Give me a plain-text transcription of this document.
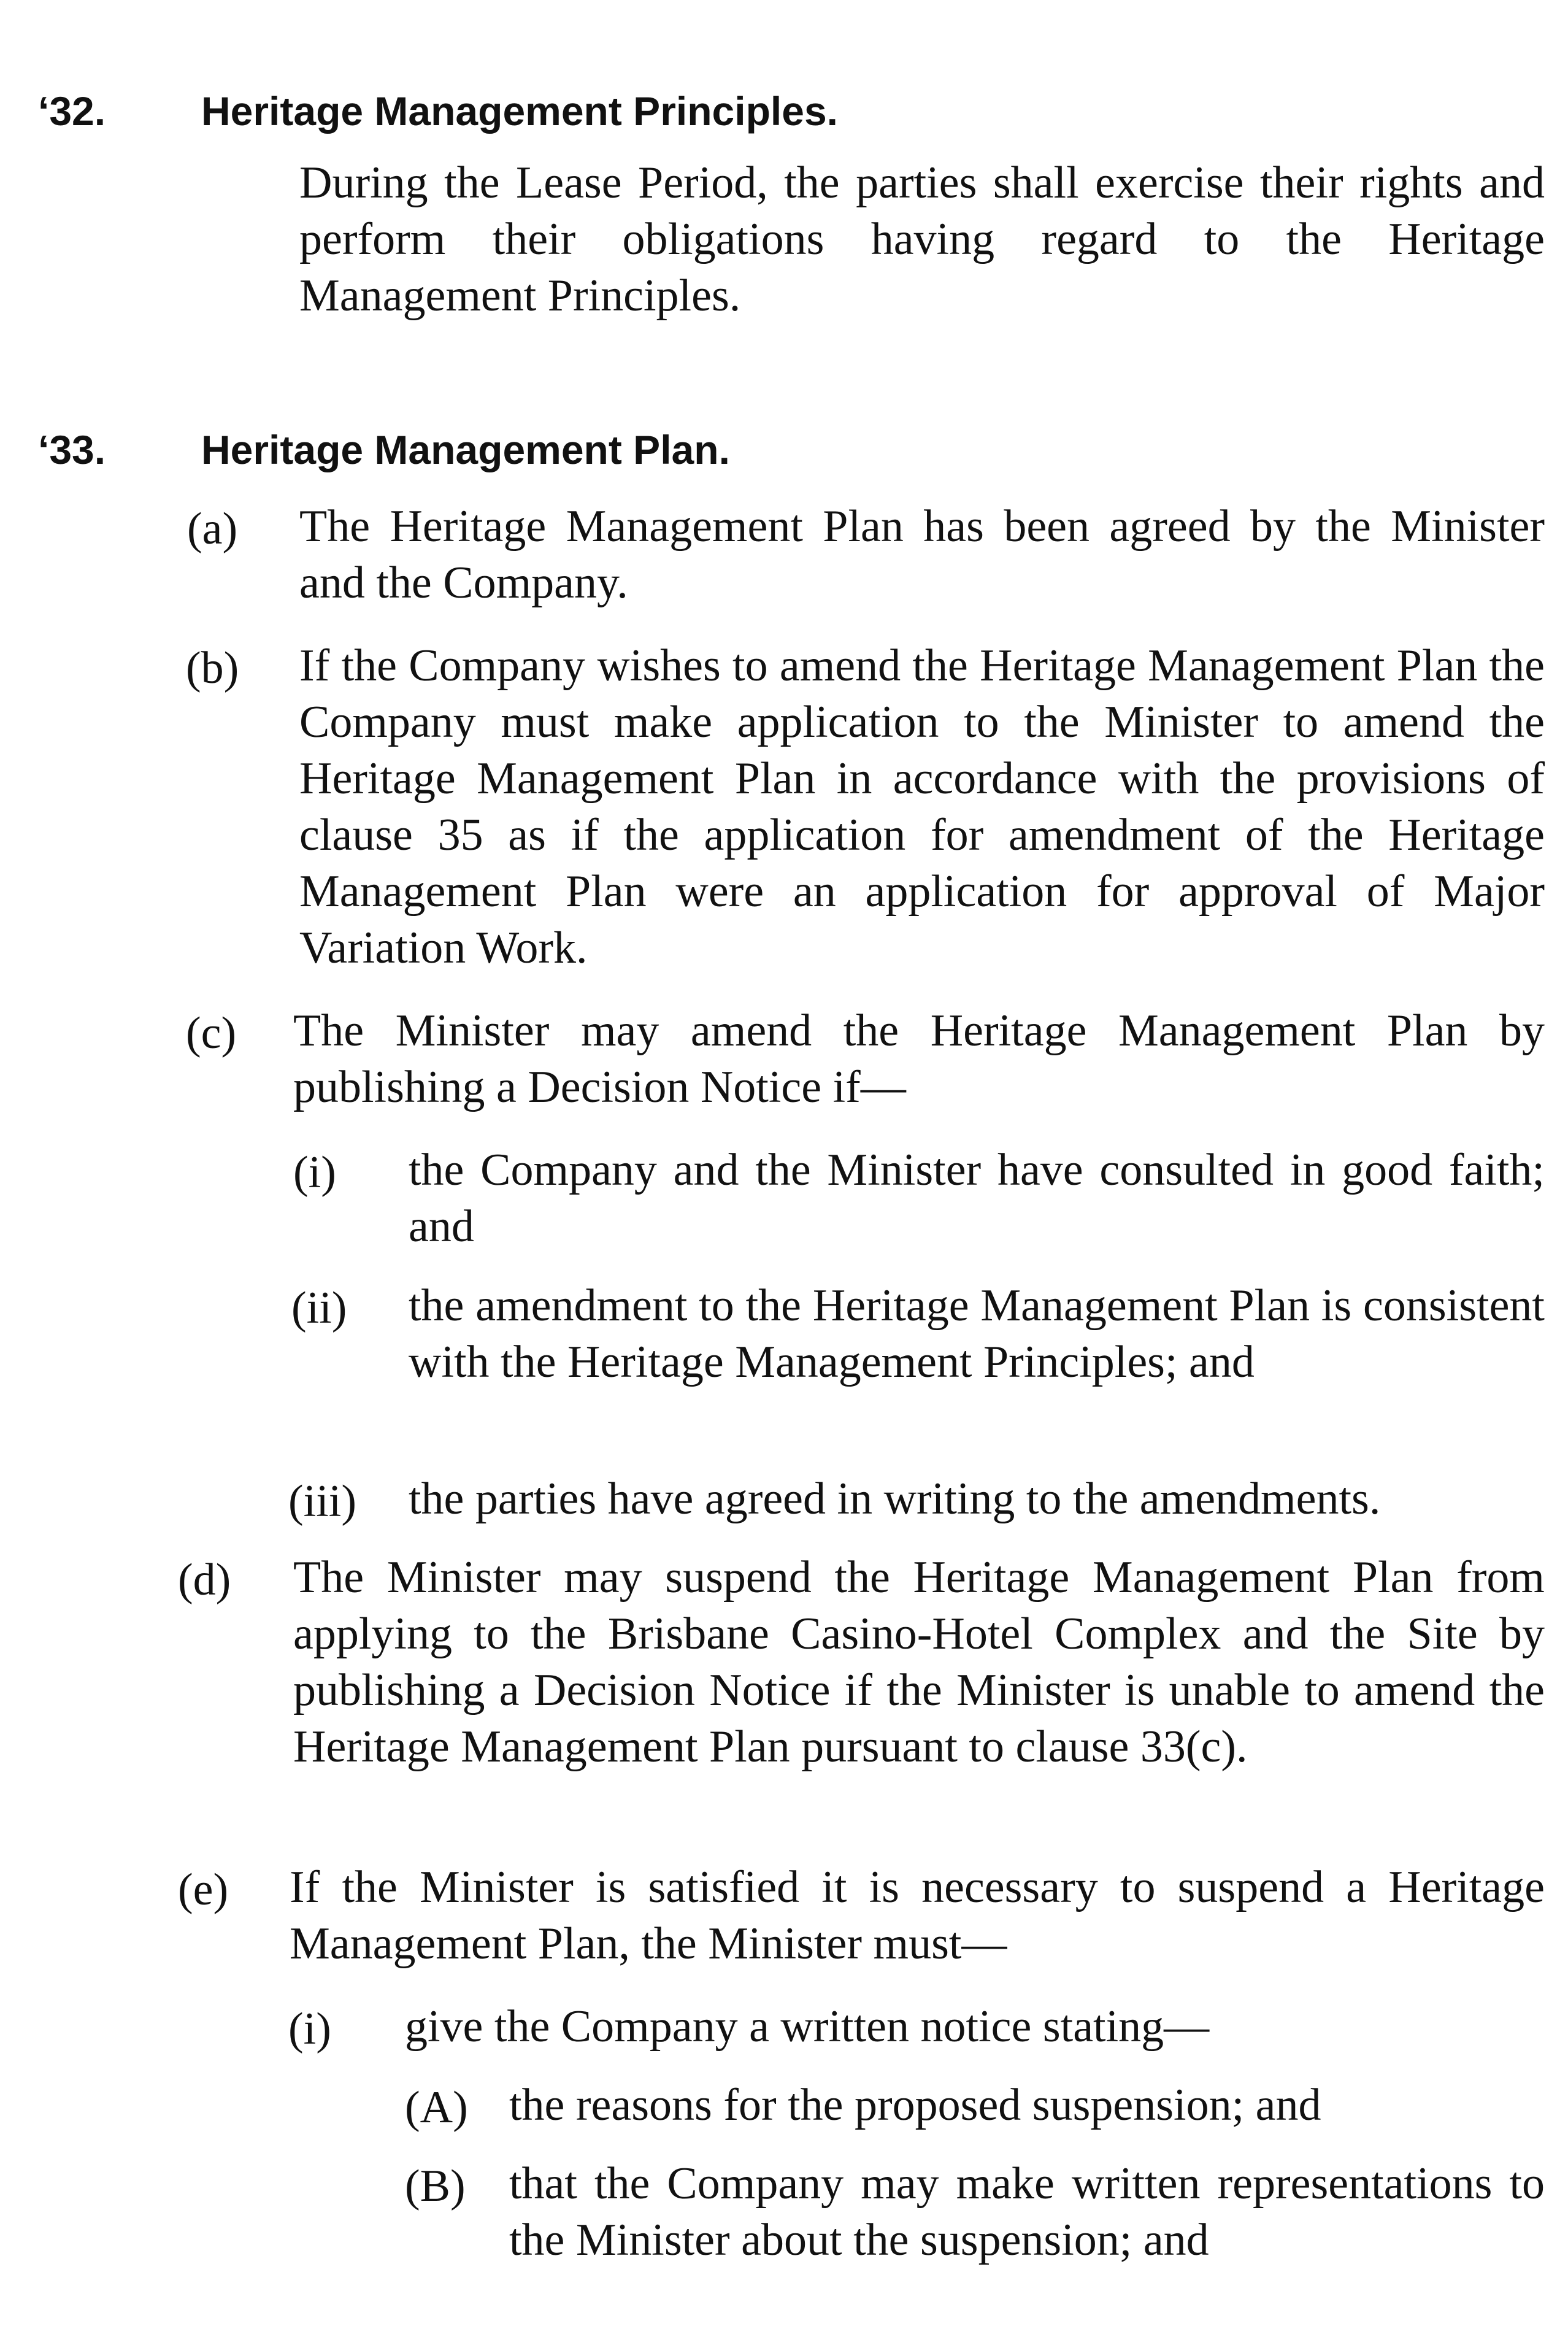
‘32. Heritage Management Principles.

During the Lease Period, the parties shall exercise their rights and perform their obligations having regard to the Heritage Management Principles.

‘33. Heritage Management Plan.
(a) The Heritage Management Plan has been agreed by the Minister and the Company.

(b) If the Company wishes to amend the Heritage Management Plan the Company must make application to the Minister to amend the Heritage Management Plan in accordance with the provisions of clause 35 as if the application for amendment of the Heritage Management Plan were an application for approval of Major Variation Work.

(c) The Minister may amend the Heritage Management Plan by publishing a Decision Notice if—

(i) the Company and the Minister have consulted in good faith; and

(ii) the amendment to the Heritage Management Plan is consistent with the Heritage Management Principles; and

(iii) the parties have agreed in writing to the amendments.

(d) The Minister may suspend the Heritage Management Plan from applying to the Brisbane Casino-Hotel Complex and the Site by publishing a Decision Notice if the Minister is unable to amend the Heritage Management Plan pursuant to clause 33(c).

(e) If the Minister is satisfied it is necessary to suspend a Heritage Management Plan, the Minister must—

(i) give the Company a written notice stating—

(A) the reasons for the proposed suspension; and

(B) that the Company may make written representations to the Minister about the suspension; and
